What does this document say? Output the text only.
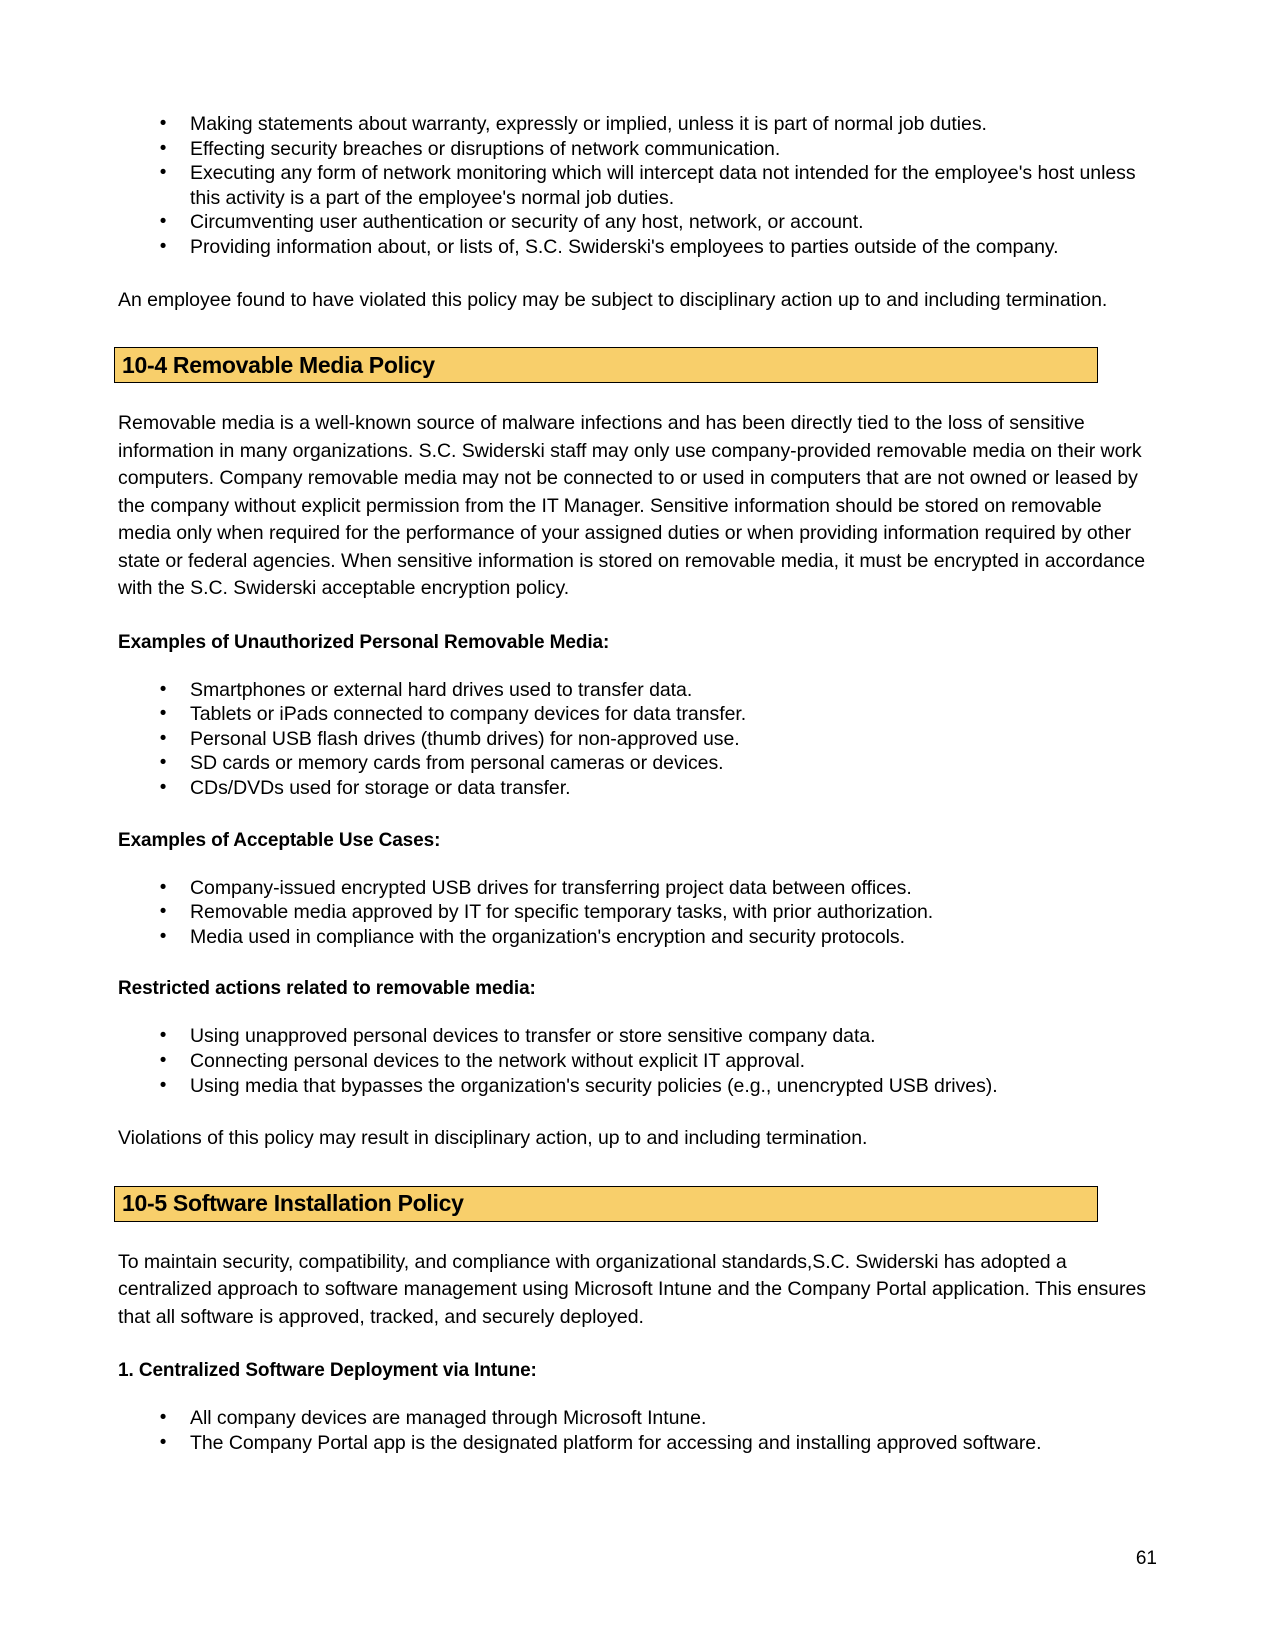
• Making statements about warranty, expressly or implied, unless it is part of normal job duties.
• Effecting security breaches or disruptions of network communication.
• Executing any form of network monitoring which will intercept data not intended for the employee's host unless this activity is a part of the employee's normal job duties.
• Circumventing user authentication or security of any host, network, or account.
• Providing information about, or lists of, S.C. Swiderski's employees to parties outside of the company.

An employee found to have violated this policy may be subject to disciplinary action up to and including termination.

10-4 Removable Media Policy

Removable media is a well-known source of malware infections and has been directly tied to the loss of sensitive information in many organizations. S.C. Swiderski staff may only use company-provided removable media on their work computers. Company removable media may not be connected to or used in computers that are not owned or leased by the company without explicit permission from the IT Manager. Sensitive information should be stored on removable media only when required for the performance of your assigned duties or when providing information required by other state or federal agencies. When sensitive information is stored on removable media, it must be encrypted in accordance with the S.C. Swiderski acceptable encryption policy.

Examples of Unauthorized Personal Removable Media:

• Smartphones or external hard drives used to transfer data.
• Tablets or iPads connected to company devices for data transfer.
• Personal USB flash drives (thumb drives) for non-approved use.
• SD cards or memory cards from personal cameras or devices.
• CDs/DVDs used for storage or data transfer.

Examples of Acceptable Use Cases:

• Company-issued encrypted USB drives for transferring project data between offices.
• Removable media approved by IT for specific temporary tasks, with prior authorization.
• Media used in compliance with the organization's encryption and security protocols.

Restricted actions related to removable media:

• Using unapproved personal devices to transfer or store sensitive company data.
• Connecting personal devices to the network without explicit IT approval.
• Using media that bypasses the organization's security policies (e.g., unencrypted USB drives).

Violations of this policy may result in disciplinary action, up to and including termination.

10-5 Software Installation Policy

To maintain security, compatibility, and compliance with organizational standards,S.C. Swiderski has adopted a centralized approach to software management using Microsoft Intune and the Company Portal application. This ensures that all software is approved, tracked, and securely deployed.

1. Centralized Software Deployment via Intune:

• All company devices are managed through Microsoft Intune.
• The Company Portal app is the designated platform for accessing and installing approved software.
61
